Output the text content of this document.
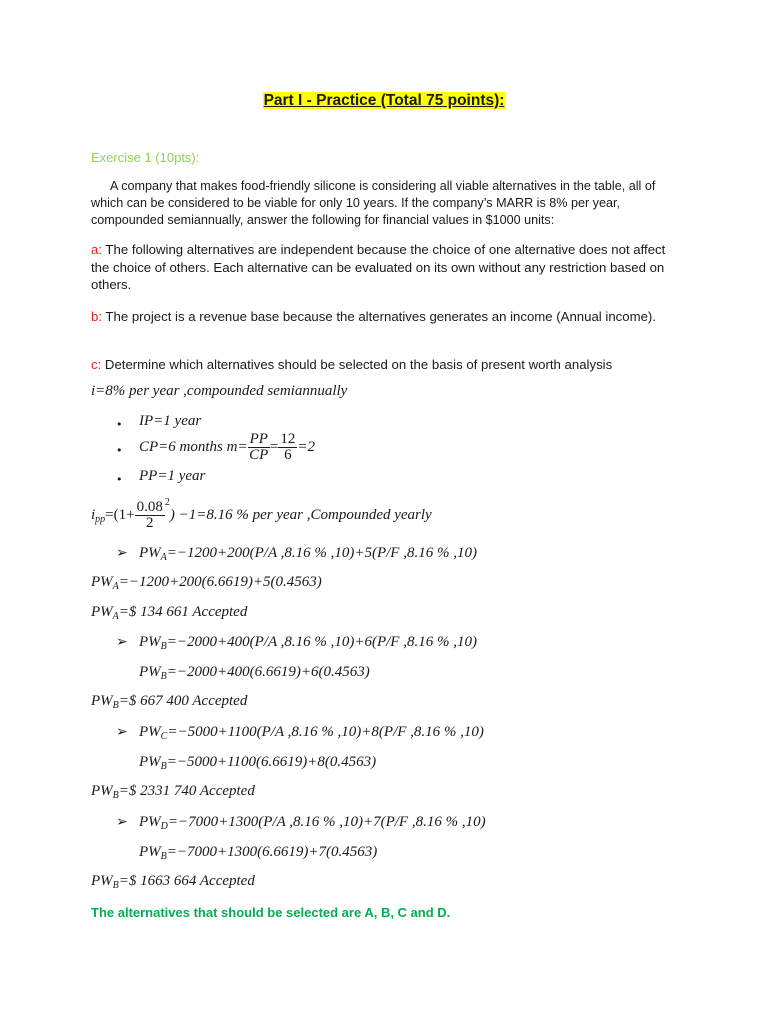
Part I - Practice (Total 75 points):
Exercise 1 (10pts):
A company that makes food-friendly silicone is considering all viable alternatives in the table, all of which can be considered to be viable for only 10 years. If the company’s MARR is 8% per year, compounded semiannually, answer the following for financial values in $1000 units:
a: The following alternatives are independent because the choice of one alternative does not affect the choice of others. Each alternative can be evaluated on its own without any restriction based on others.
b: The project is a revenue base because the alternatives generates an income (Annual income).
c: Determine which alternatives should be selected on the basis of present worth analysis
i=8% per year ,compounded semiannually
• IP=1 year
• CP=6 months $m= \frac{PP}{CP} = \frac{12}{6} =2$
• PP=1 year
$i_{pp}=(1+ \frac{0.08}{2} ^2) -1=8.16$ % per year ,Compounded yearly
➢ $PW_A=-1200+200(P/A$ ,8.16 % ,10)+5(P/F ,8.16 % ,10)
$PW_A=-1200+200(6.6619)+5(0.4563)$
$PW_A=\$$ 134 661 Accepted
➢ $PW_B=-2000+400(P/A$ ,8.16 % ,10)+6(P/F ,8.16 % ,10)
$PW_B=-2000+400(6.6619)+6(0.4563)$
$PW_B=\$$ 667 400 Accepted
➢ $PW_C=-5000+1100(P/A$ ,8.16 % ,10)+8(P/F ,8.16 % ,10)
$PW_B=-5000+1100(6.6619)+8(0.4563)$
$PW_B=\$$ 2331 740 Accepted
➢ $PW_D=-7000+1300(P/A$ ,8.16 % ,10)+7(P/F ,8.16 % ,10)
$PW_B=-7000+1300(6.6619)+7(0.4563)$
$PW_B=\$$ 1663 664 Accepted
The alternatives that should be selected are A, B, C and D.
